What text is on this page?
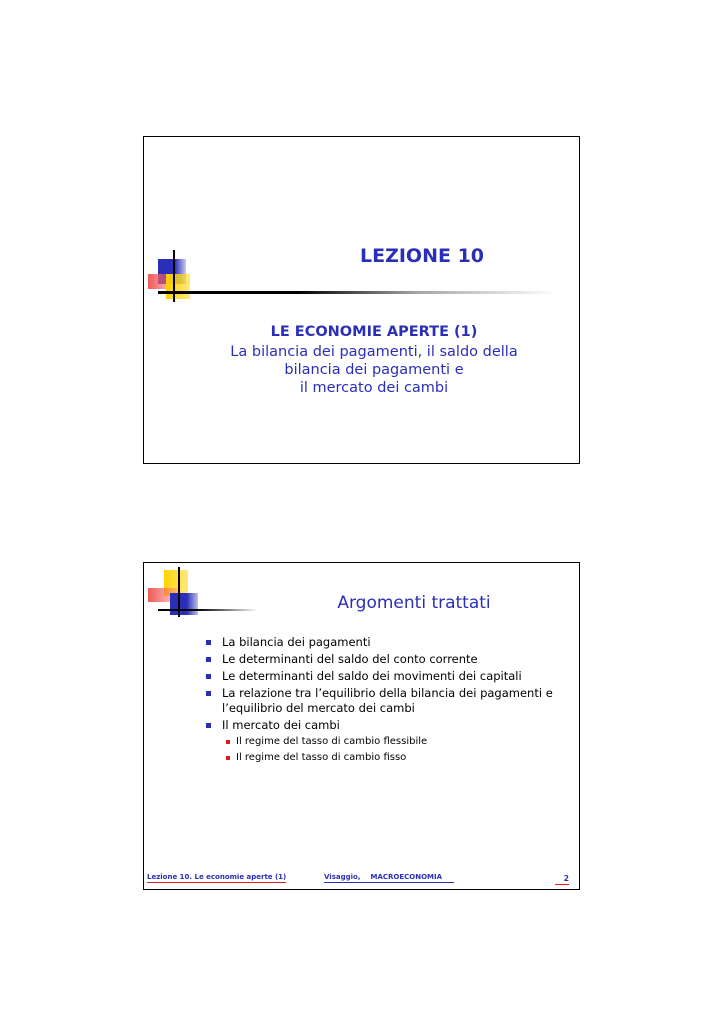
LEZIONE 10
LE ECONOMIE APERTE (1)
La bilancia dei pagamenti, il saldo della
bilancia dei pagamenti e
il mercato dei cambi
Argomenti trattati
La bilancia dei pagamenti
Le determinanti del saldo del conto corrente
Le determinanti del saldo dei movimenti dei capitali
La relazione tra l’equilibrio della bilancia dei pagamenti e l’equilibrio del mercato dei cambi
Il mercato dei cambi
Il regime del tasso di cambio flessibile
Il regime del tasso di cambio fisso
Lezione 10. Le economie aperte (1)	Visaggio, MACROECONOMIA	2
